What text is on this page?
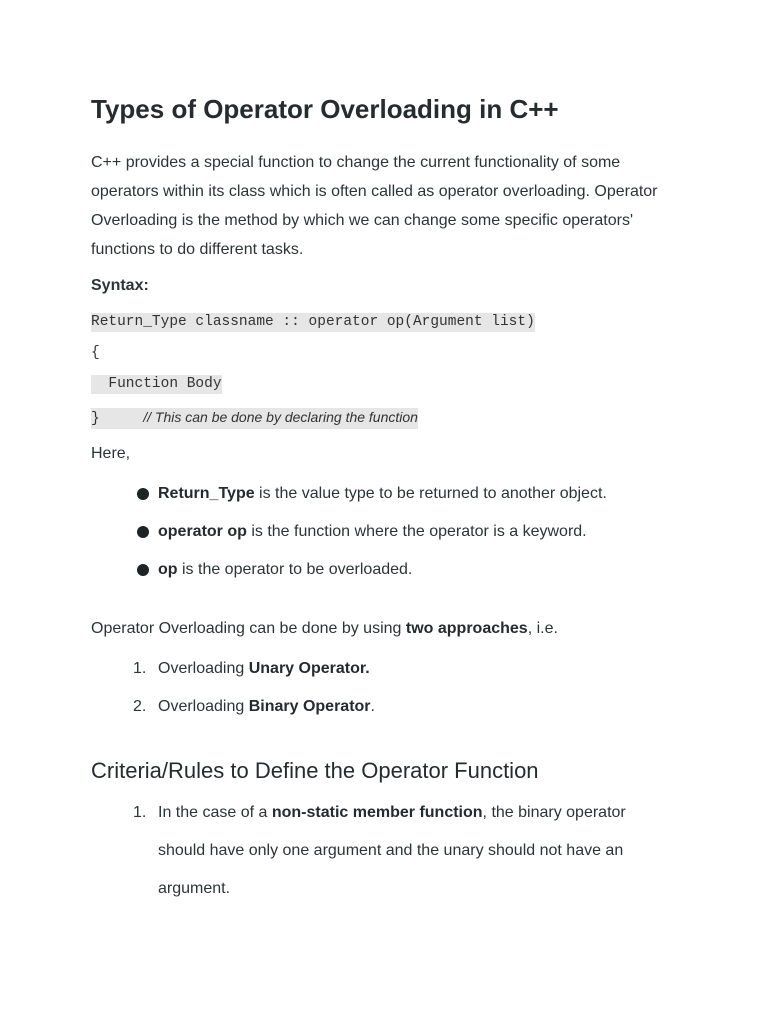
Types of Operator Overloading in C++

C++ provides a special function to change the current functionality of some operators within its class which is often called as operator overloading. Operator Overloading is the method by which we can change some specific operators' functions to do different tasks.

Syntax:

Return_Type classname :: operator op(Argument list)
{
Function Body
}	// This can be done by declaring the function

Here,

Return_Type is the value type to be returned to another object.
operator op is the function where the operator is a keyword.
op is the operator to be overloaded.

Operator Overloading can be done by using two approaches, i.e.

1. Overloading Unary Operator.
2. Overloading Binary Operator.
Criteria/Rules to Define the Operator Function
1. In the case of a non-static member function, the binary operator should have only one argument and the unary should not have an argument.
